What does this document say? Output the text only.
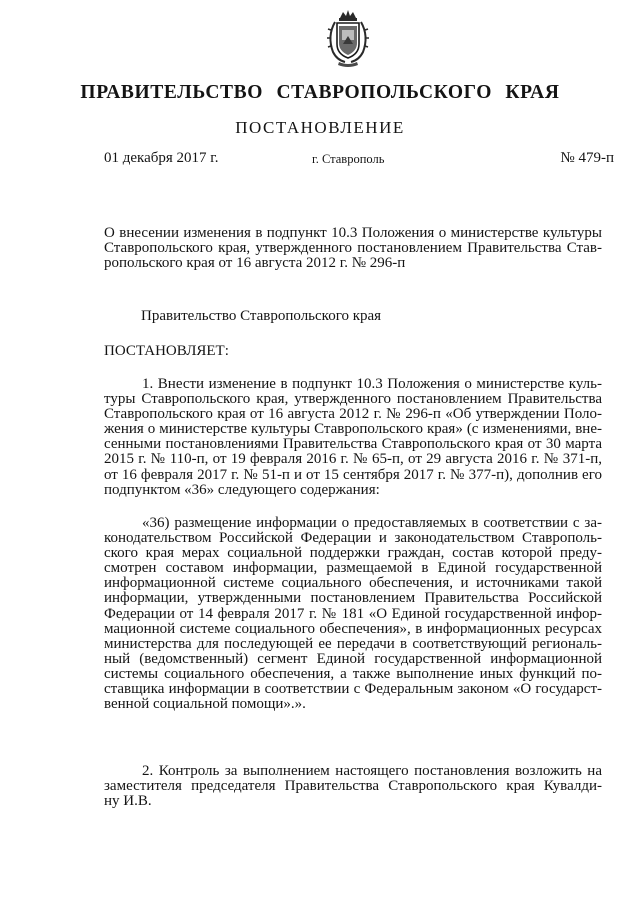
ПРАВИТЕЛЬСТВО СТАВРОПОЛЬСКОГО КРАЯ
ПОСТАНОВЛЕНИЕ
01 декабря 2017 г.	г. Ставрополь	№ 479-п
О внесении изменения в подпункт 10.3 Положения о министерстве культуры
Ставропольского края, утвержденного постановлением Правительства Став-
ропольского края от 16 августа 2012 г. № 296-п
Правительство Ставропольского края
ПОСТАНОВЛЯЕТ:
1. Внести изменение в подпункт 10.3 Положения о министерстве куль-
туры Ставропольского края, утвержденного постановлением Правительства
Ставропольского края от 16 августа 2012 г. № 296-п «Об утверждении Поло-
жения о министерстве культуры Ставропольского края» (с изменениями, вне-
сенными постановлениями Правительства Ставропольского края от 30 марта
2015 г. № 110-п, от 19 февраля 2016 г. № 65-п, от 29 августа 2016 г. № 371-п,
от 16 февраля 2017 г. № 51-п и от 15 сентября 2017 г. № 377-п), дополнив его
подпунктом «36» следующего содержания:
«36) размещение информации о предоставляемых в соответствии с за-
конодательством Российской Федерации и законодательством Ставрополь-
ского края мерах социальной поддержки граждан, состав которой преду-
смотрен составом информации, размещаемой в Единой государственной
информационной системе социального обеспечения, и источниками такой
информации, утвержденными постановлением Правительства Российской
Федерации от 14 февраля 2017 г. № 181 «О Единой государственной инфор-
мационной системе социального обеспечения», в информационных ресурсах
министерства для последующей ее передачи в соответствующий региональ-
ный (ведомственный) сегмент Единой государственной информационной
системы социального обеспечения, а также выполнение иных функций по-
ставщика информации в соответствии с Федеральным законом «О государст-
венной социальной помощи».».
2. Контроль за выполнением настоящего постановления возложить на
заместителя председателя Правительства Ставропольского края Кувалди-
ну И.В.
